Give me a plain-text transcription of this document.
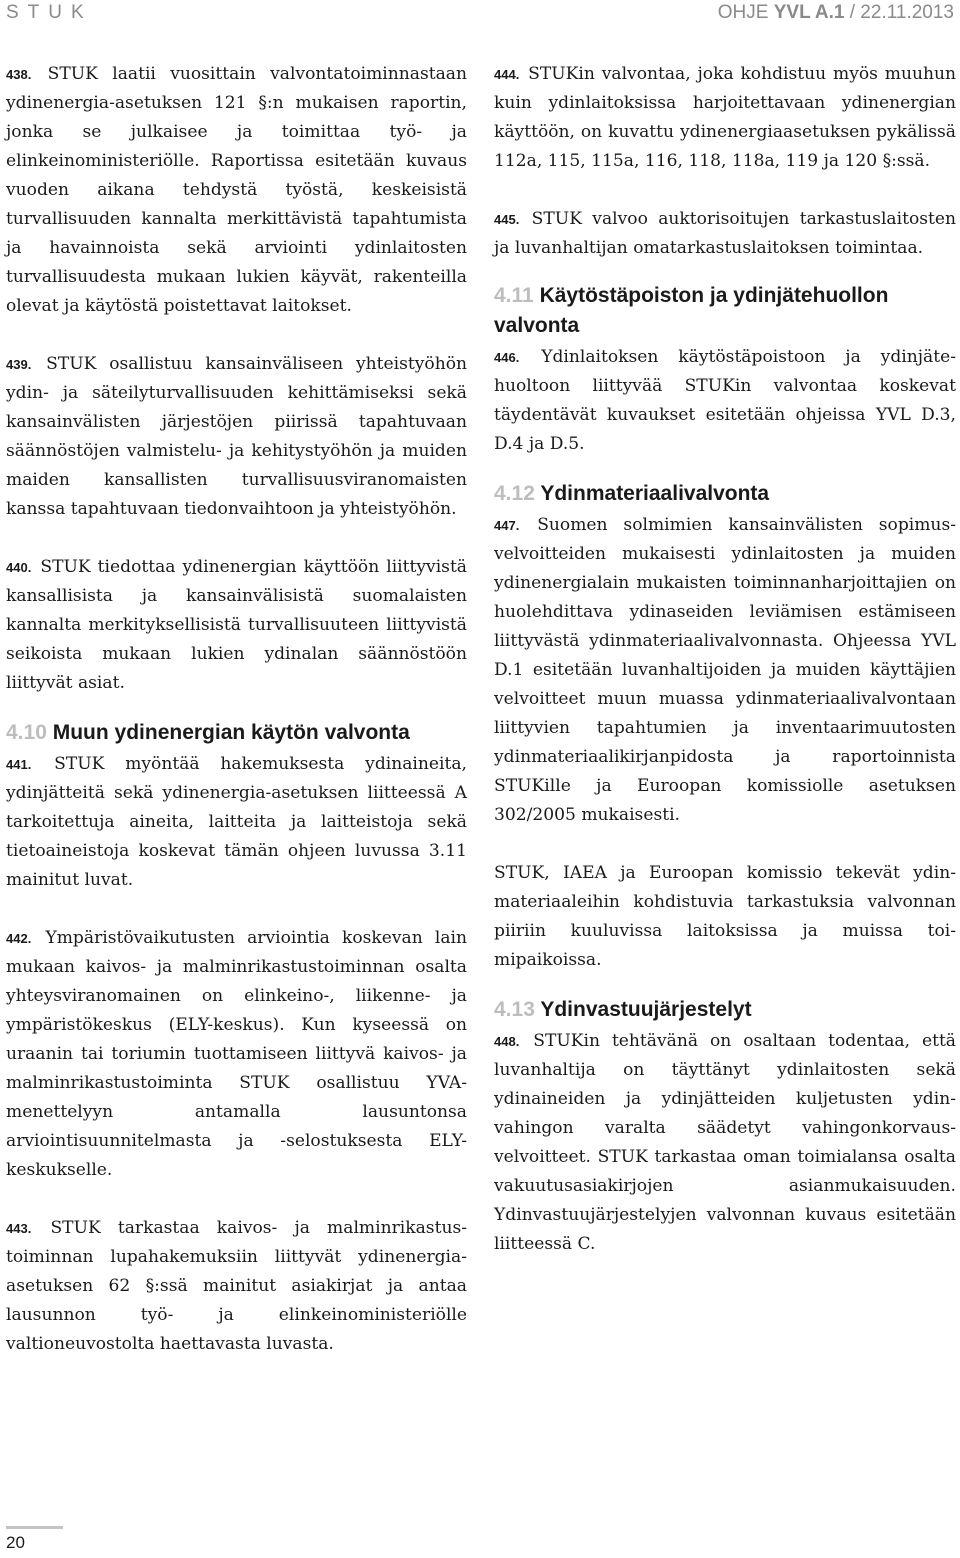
STUK	OHJE YVL A.1 / 22.11.2013

438. STUK laatii vuosittain valvontatoiminnastaan ydinenergia-asetuksen 121 §:n mukaisen raportin, jonka se julkaisee ja toimittaa työ- ja elinkeinoministeriölle. Raportissa esitetään kuvaus vuoden aikana tehdystä työstä, keskeisistä turvallisuuden kannalta merkittävistä tapahtumista ja havainnoista sekä arviointi ydinlaitosten turvallisuudesta mukaan lukien käyvät, rakenteilla olevat ja käytöstä poistettavat laitokset.

439. STUK osallistuu kansainväliseen yhteistyöhön ydin- ja säteilyturvallisuuden kehittämiseksi sekä kansainvälisten järjestöjen piirissä tapahtuvaan säännöstöjen valmistelu- ja kehitystyöhön ja muiden maiden kansallisten turvallisuusviranomaisten kanssa tapahtuvaan tiedonvaihtoon ja yhteistyöhön.

440. STUK tiedottaa ydinenergian käyttöön liittyvistä kansallisista ja kansainvälisistä suomalaisten kannalta merkityksellisistä turvallisuuteen liittyvistä seikoista mukaan lukien ydinalan säännöstöön liittyvät asiat.

4.10 Muun ydinenergian käytön valvonta

441. STUK myöntää hakemuksesta ydinaineita, ydinjätteitä sekä ydinenergia-asetuksen liitteessä A tarkoitettuja aineita, laitteita ja laitteistoja sekä tietoaineistoja koskevat tämän ohjeen luvussa 3.11 mainitut luvat.

442. Ympäristövaikutusten arviointia koskevan lain mukaan kaivos- ja malminrikastustoiminnan osalta yhteysviranomainen on elinkeino-, liikenne- ja ympäristökeskus (ELY-keskus). Kun kyseessä on uraanin tai toriumin tuottamiseen liittyvä kaivos- ja malminrikastustoiminta STUK osallistuu YVA-menettelyyn antamalla lausuntonsa arviointisuunnitelmasta ja -selostuksesta ELY-keskukselle.

443. STUK tarkastaa kaivos- ja malminrikastustoiminnan lupahakemuksiin liittyvät ydinenergia-asetuksen 62 §:ssä mainitut asiakirjat ja antaa lausunnon työ- ja elinkeinoministeriölle valtioneuvostolta haettavasta luvasta.

444. STUKin valvontaa, joka kohdistuu myös muuhun kuin ydinlaitoksissa harjoitettavaan ydinenergian käyttöön, on kuvattu ydinenergiaasetuksen pykälissä 112a, 115, 115a, 116, 118, 118a, 119 ja 120 §:ssä.

445. STUK valvoo auktorisoitujen tarkastuslaitosten ja luvanhaltijan omatarkastuslaitoksen toimintaa.

4.11 Käytöstäpoiston ja ydinjätehuollon valvonta

446. Ydinlaitoksen käytöstäpoistoon ja ydinjätehuoltoon liittyvää STUKin valvontaa koskevat täydentävät kuvaukset esitetään ohjeissa YVL D.3, D.4 ja D.5.

4.12 Ydinmateriaalivalvonta

447. Suomen solmimien kansainvälisten sopimusvelvoitteiden mukaisesti ydinlaitosten ja muiden ydinenergialain mukaisten toiminnanharjoittajien on huolehdittava ydinaseiden leviämisen estämiseen liittyvästä ydinmateriaalivalvonnasta. Ohjeessa YVL D.1 esitetään luvanhaltijoiden ja muiden käyttäjien velvoitteet muun muassa ydinmateriaalivalvontaan liittyvien tapahtumien ja inventaarimuutosten ydinmateriaalikirjanpidosta ja raportoinnista STUKille ja Euroopan komissiolle asetuksen 302/2005 mukaisesti.

STUK, IAEA ja Euroopan komissio tekevät ydinmateriaaleihin kohdistuvia tarkastuksia valvonnan piiriin kuuluvissa laitoksissa ja muissa toimipaikoissa.

4.13 Ydinvastuujärjestelyt

448. STUKin tehtävänä on osaltaan todentaa, että luvanhaltija on täyttänyt ydinlaitosten sekä ydinaineiden ja ydinjätteiden kuljetusten ydinvahingon varalta säädetyt vahingonkorvausvelvoitteet. STUK tarkastaa oman toimialansa osalta vakuutusasiakirjojen asianmukaisuuden. Ydinvastuujärjestelyjen valvonnan kuvaus esitetään liitteessä C.

20
